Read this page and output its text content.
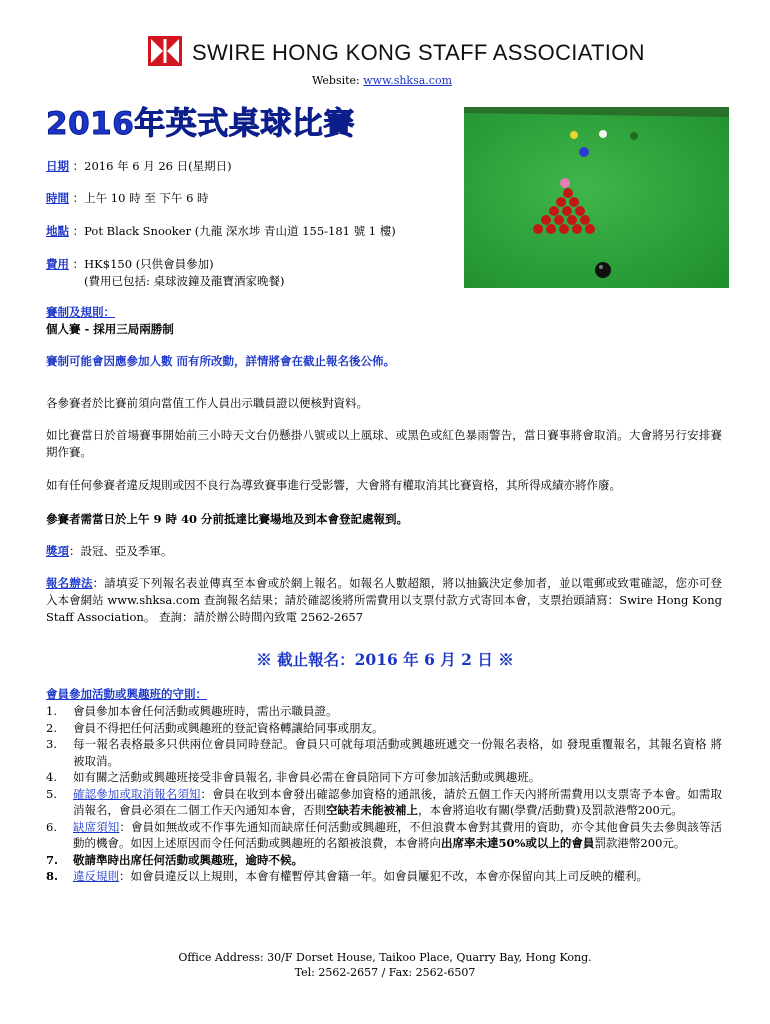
SWIRE HONG KONG STAFF ASSOCIATION
Website: www.shksa.com
2016年英式桌球比賽
日期 ：2016 年 6 月 26 日(星期日)
時間 ：上午 10 時 至 下午 6 時
地點 ：Pot Black Snooker (九龍 深水埗 青山道 155-181 號 1 樓)
費用 ：HK$150 (只供會員參加)
(費用已包括: 桌球波鐘及龍寶酒家晚餐)
賽制及規則：
個人賽 - 採用三局兩勝制
賽制可能會因應參加人數 而有所改動，詳情將會在截止報名後公佈。
各參賽者於比賽前須向當值工作人員出示職員證以便核對資料。
如比賽當日於首場賽事開始前三小時天文台仍懸掛八號或以上風球、或黑色或紅色暴雨警告，當日賽事將會取消。大會將另行安排賽期作賽。
如有任何參賽者違反規則或因不良行為導致賽事進行受影響，大會將有權取消其比賽資格，其所得成績亦將作廢。
參賽者需當日於上午 9 時 40 分前抵達比賽場地及到本會登記處報到。
獎項：設冠、亞及季軍。
報名辦法：請填妥下列報名表並傳真至本會或於網上報名。如報名人數超額，將以抽籤決定參加者，並以電郵或致電確認，您亦可登入本會網站 www.shksa.com 查詢報名結果；請於確認後將所需費用以支票付款方式寄回本會，支票抬頭請寫：Swire Hong Kong Staff Association。 查詢：請於辦公時間內致電 2562-2657
※ 截止報名：2016 年 6 月 2 日 ※
會員參加活動或興趣班的守則：
1.	會員參加本會任何活動或興趣班時，需出示職員證。
2.	會員不得把任何活動或興趣班的登記資格轉讓給同事或朋友。
3.	每一報名表格最多只供兩位會員同時登記。會員只可就每項活動或興趣班遞交一份報名表格，如 發現重覆報名，其報名資格 將被取消。
4.	如有關之活動或興趣班接受非會員報名, 非會員必需在會員陪同下方可參加該活動或興趣班。
5.	確認參加或取消報名須知：會員在收到本會發出確認參加資格的通訊後，請於五個工作天內將所需費用以支票寄予本會。如需取消報名，會員必須在二個工作天內通知本會，否則空缺若未能被補上，本會將追收有關(學費/活動費)及罰款港幣200元。
6.	缺席須知：會員如無故或不作事先通知而缺席任何活動或興趣班，不但浪費本會對其費用的資助，亦令其他會員失去參與該等活動的機會。如因上述原因而令任何活動或興趣班的名額被浪費，本會將向出席率未達50%或以上的會員罰款港幣200元。
7.	敬請準時出席任何活動或興趣班，逾時不候。
8.	違反規則：如會員違反以上規則，本會有權暫停其會籍一年。如會員屢犯不改，本會亦保留向其上司反映的權利。
Office Address: 30/F Dorset House, Taikoo Place, Quarry Bay, Hong Kong.
Tel: 2562-2657 / Fax: 2562-6507
